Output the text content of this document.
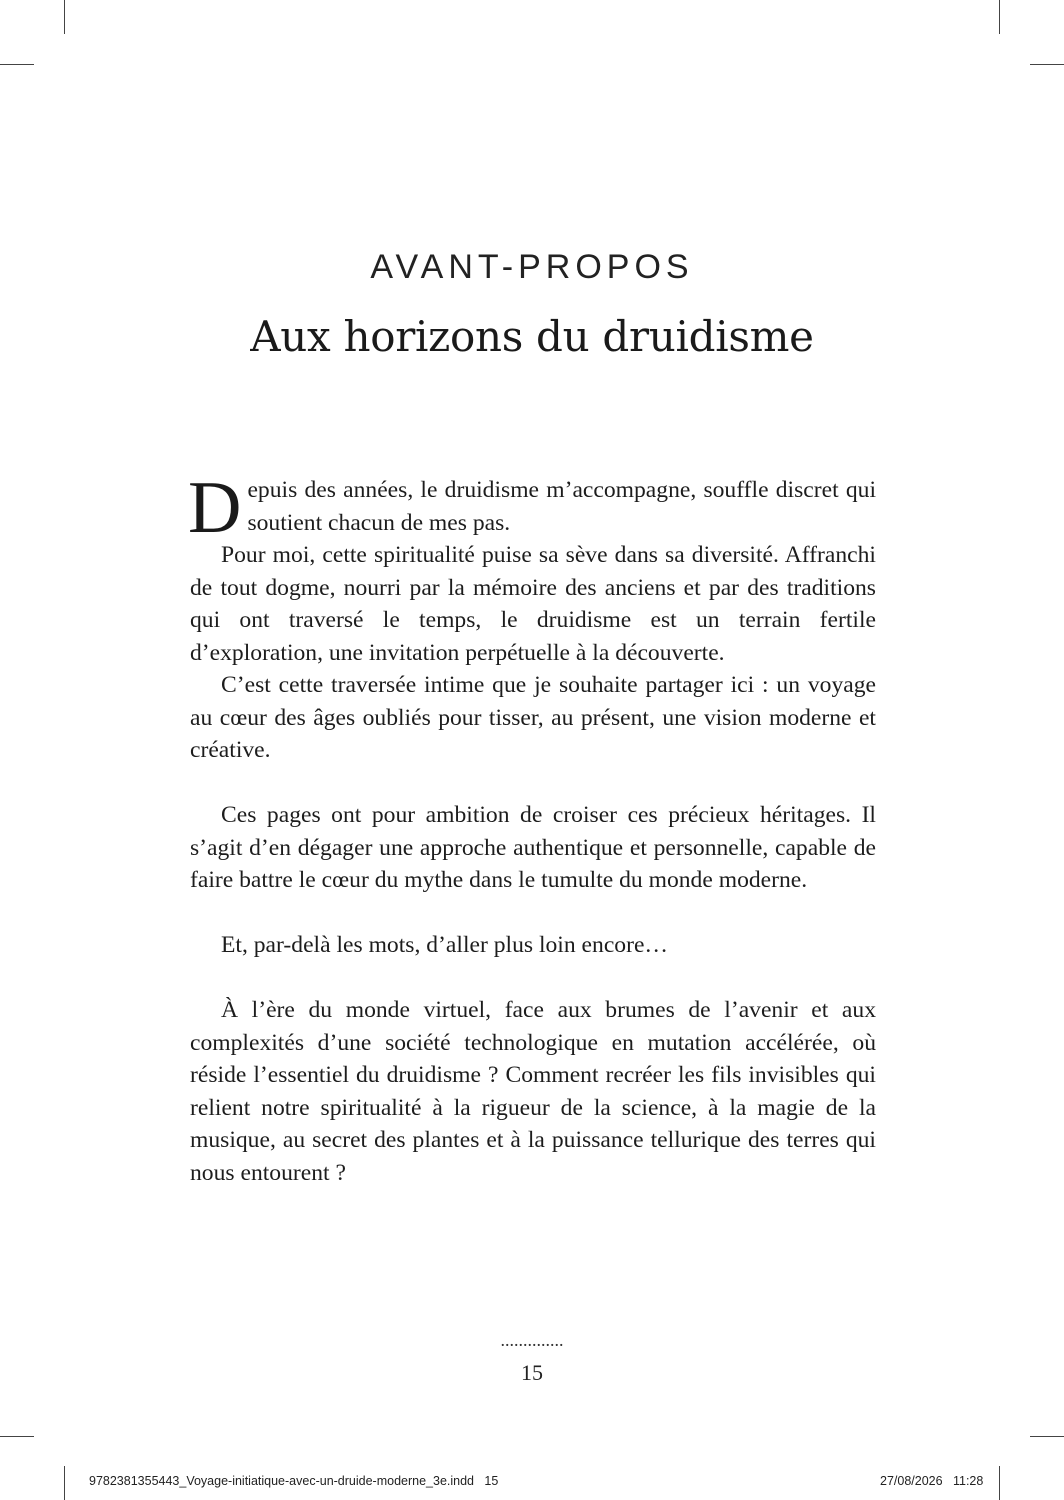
AVANT-PROPOS
Aux horizons du druidisme

Depuis des années, le druidisme m’accompagne, souffle discret qui soutient chacun de mes pas.

Pour moi, cette spiritualité puise sa sève dans sa diversité. Affranchi de tout dogme, nourri par la mémoire des anciens et par des traditions qui ont traversé le temps, le druidisme est un terrain fertile d’exploration, une invitation perpétuelle à la découverte.

C’est cette traversée intime que je souhaite partager ici : un voyage au cœur des âges oubliés pour tisser, au présent, une vision moderne et créative.

Ces pages ont pour ambition de croiser ces précieux héritages. Il s’agit d’en dégager une approche authentique et personnelle, capable de faire battre le cœur du mythe dans le tumulte du monde moderne.

Et, par-delà les mots, d’aller plus loin encore…

À l’ère du monde virtuel, face aux brumes de l’avenir et aux complexités d’une société technologique en mutation accélérée, où réside l’essentiel du druidisme ? Comment recréer les fils invisibles qui relient notre spiritualité à la rigueur de la science, à la magie de la musique, au secret des plantes et à la puissance tellurique des terres qui nous entourent ?

..............
15
9782381355443_Voyage-initiatique-avec-un-druide-moderne_3e.indd   15	27/08/2026   11:28
